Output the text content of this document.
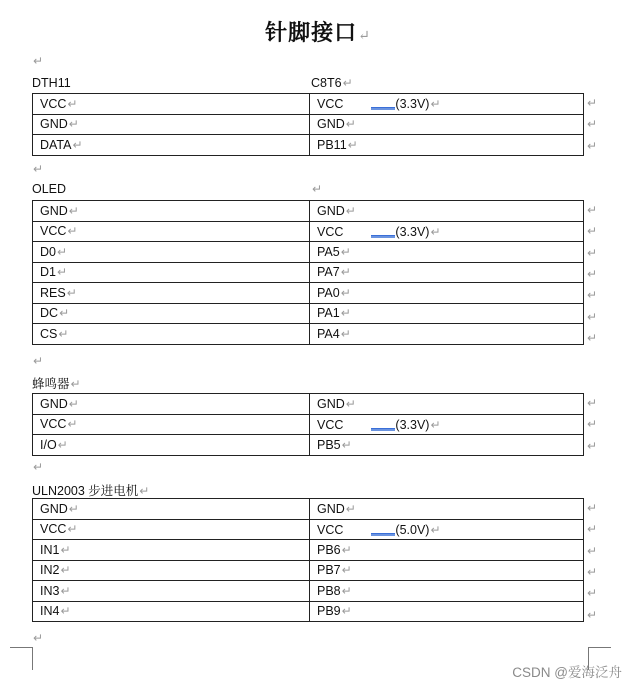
针脚接口↵
↵
DTH11	C8T6↵
VCC↵	VCC (3.3V)↵
GND↵	GND↵
DATA↵	PB11↵
↵
OLED	↵
GND↵	GND↵
VCC↵	VCC (3.3V)↵
D0↵	PA5↵
D1↵	PA7↵
RES↵	PA0↵
DC↵	PA1↵
CS↵	PA4↵
↵
蜂鸣器↵
GND↵	GND↵
VCC↵	VCC (3.3V)↵
I/O↵	PB5↵
↵
ULN2003 步进电机↵
GND↵	GND↵
VCC↵	VCC (5.0V)↵
IN1↵	PB6↵
IN2↵	PB7↵
IN3↵	PB8↵
IN4↵	PB9↵
↵
CSDN @爱海泛舟
↵
↵
↵
↵
↵
↵
↵
↵
↵
↵
↵
↵
↵
↵
↵
↵
↵
↵
↵
